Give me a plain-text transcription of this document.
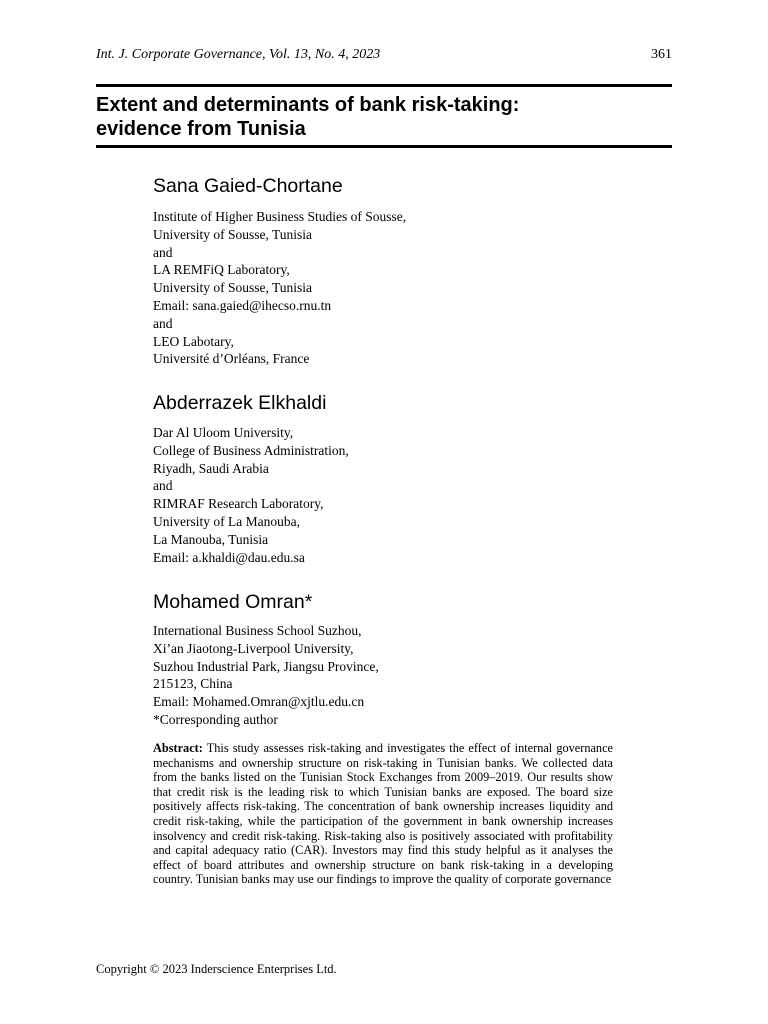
Int. J. Corporate Governance, Vol. 13, No. 4, 2023	361

Extent and determinants of bank risk-taking:
evidence from Tunisia

Sana Gaied-Chortane

Institute of Higher Business Studies of Sousse,
University of Sousse, Tunisia
and
LA REMFiQ Laboratory,
University of Sousse, Tunisia
Email: sana.gaied@ihecso.rnu.tn
and
LEO Labotary,
Université d’Orléans, France

Abderrazek Elkhaldi

Dar Al Uloom University,
College of Business Administration,
Riyadh, Saudi Arabia
and
RIMRAF Research Laboratory,
University of La Manouba,
La Manouba, Tunisia
Email: a.khaldi@dau.edu.sa

Mohamed Omran*

International Business School Suzhou,
Xi’an Jiaotong-Liverpool University,
Suzhou Industrial Park, Jiangsu Province,
215123, China
Email: Mohamed.Omran@xjtlu.edu.cn
*Corresponding author
Abstract: This study assesses risk-taking and investigates the effect of internal governance mechanisms and ownership structure on risk-taking in Tunisian banks. We collected data from the banks listed on the Tunisian Stock Exchanges from 2009–2019. Our results show that credit risk is the leading risk to which Tunisian banks are exposed. The board size positively affects risk-taking. The concentration of bank ownership increases liquidity and credit risk-taking, while the participation of the government in bank ownership increases insolvency and credit risk-taking. Risk-taking also is positively associated with profitability and capital adequacy ratio (CAR). Investors may find this study helpful as it analyses the effect of board attributes and ownership structure on bank risk-taking in a developing country. Tunisian banks may use our findings to improve the quality of corporate governance
Copyright © 2023 Inderscience Enterprises Ltd.
